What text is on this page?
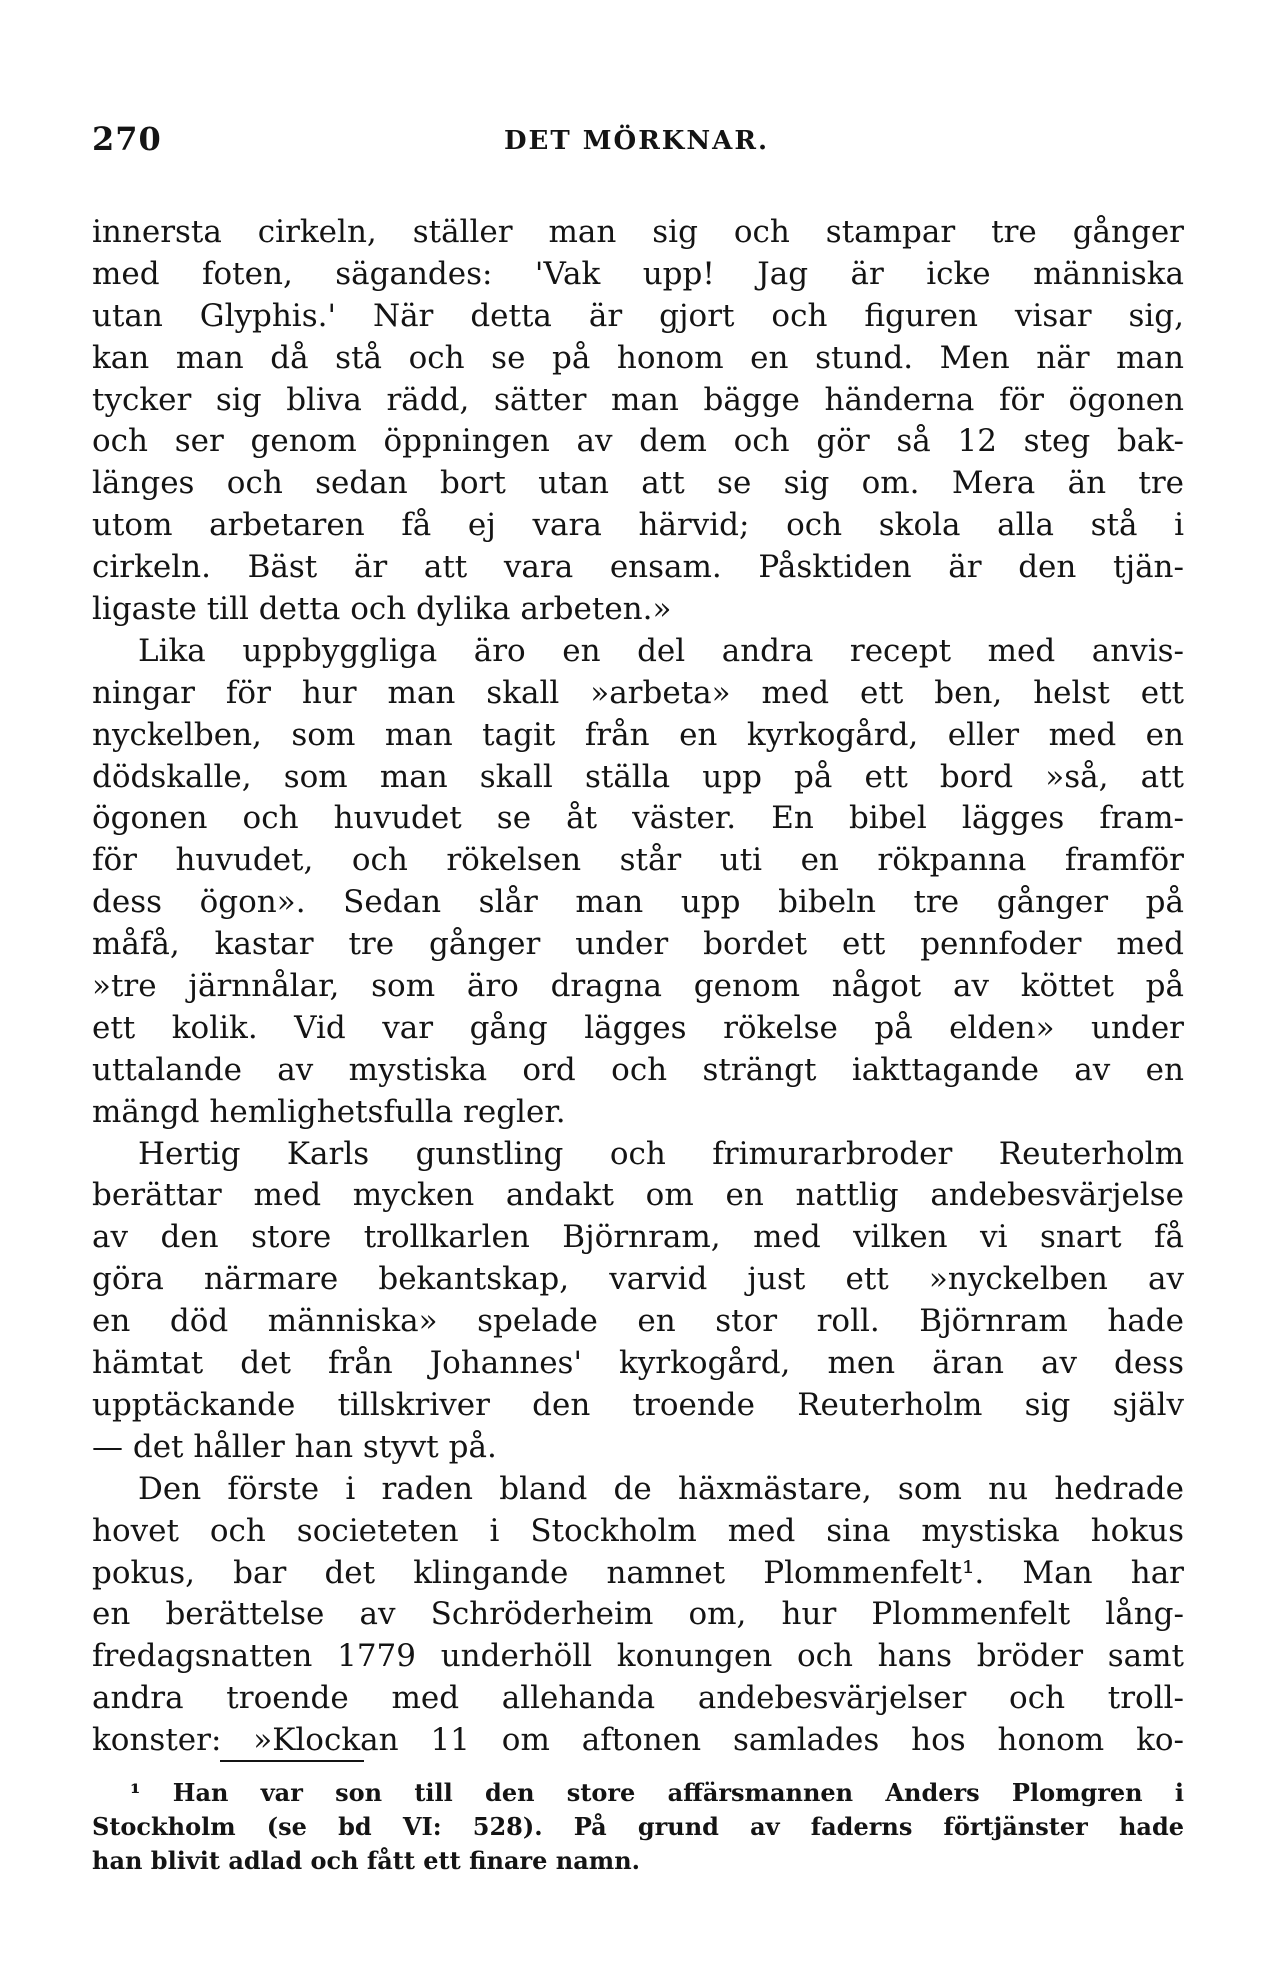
270	DET MÖRKNAR.
innersta cirkeln, ställer man sig och stampar tre gånger
med foten, sägandes: 'Vak upp! Jag är icke människa
utan Glyphis.' När detta är gjort och figuren visar sig,
kan man då stå och se på honom en stund. Men när man
tycker sig bliva rädd, sätter man bägge händerna för ögonen
och ser genom öppningen av dem och gör så 12 steg bak-
länges och sedan bort utan att se sig om. Mera än tre
utom arbetaren få ej vara härvid; och skola alla stå i
cirkeln. Bäst är att vara ensam. Påsktiden är den tjän-
ligaste till detta och dylika arbeten.»
Lika uppbyggliga äro en del andra recept med anvis-
ningar för hur man skall »arbeta» med ett ben, helst ett
nyckelben, som man tagit från en kyrkogård, eller med en
dödskalle, som man skall ställa upp på ett bord »så, att
ögonen och huvudet se åt väster. En bibel lägges fram-
för huvudet, och rökelsen står uti en rökpanna framför
dess ögon». Sedan slår man upp bibeln tre gånger på
måfå, kastar tre gånger under bordet ett pennfoder med
»tre järnnålar, som äro dragna genom något av köttet på
ett kolik. Vid var gång lägges rökelse på elden» under
uttalande av mystiska ord och strängt iakttagande av en
mängd hemlighetsfulla regler.
Hertig Karls gunstling och frimurarbroder Reuterholm
berättar med mycken andakt om en nattlig andebesvärjelse
av den store trollkarlen Björnram, med vilken vi snart få
göra närmare bekantskap, varvid just ett »nyckelben av
en död människa» spelade en stor roll. Björnram hade
hämtat det från Johannes' kyrkogård, men äran av dess
upptäckande tillskriver den troende Reuterholm sig själv
— det håller han styvt på.
Den förste i raden bland de häxmästare, som nu hedrade
hovet och societeten i Stockholm med sina mystiska hokus
pokus, bar det klingande namnet Plommenfelt¹. Man har
en berättelse av Schröderheim om, hur Plommenfelt lång-
fredagsnatten 1779 underhöll konungen och hans bröder samt
andra troende med allehanda andebesvärjelser och troll-
konster: »Klockan 11 om aftonen samlades hos honom ko-
¹ Han var son till den store affärsmannen Anders Plomgren i
Stockholm (se bd VI: 528). På grund av faderns förtjänster hade
han blivit adlad och fått ett finare namn.
